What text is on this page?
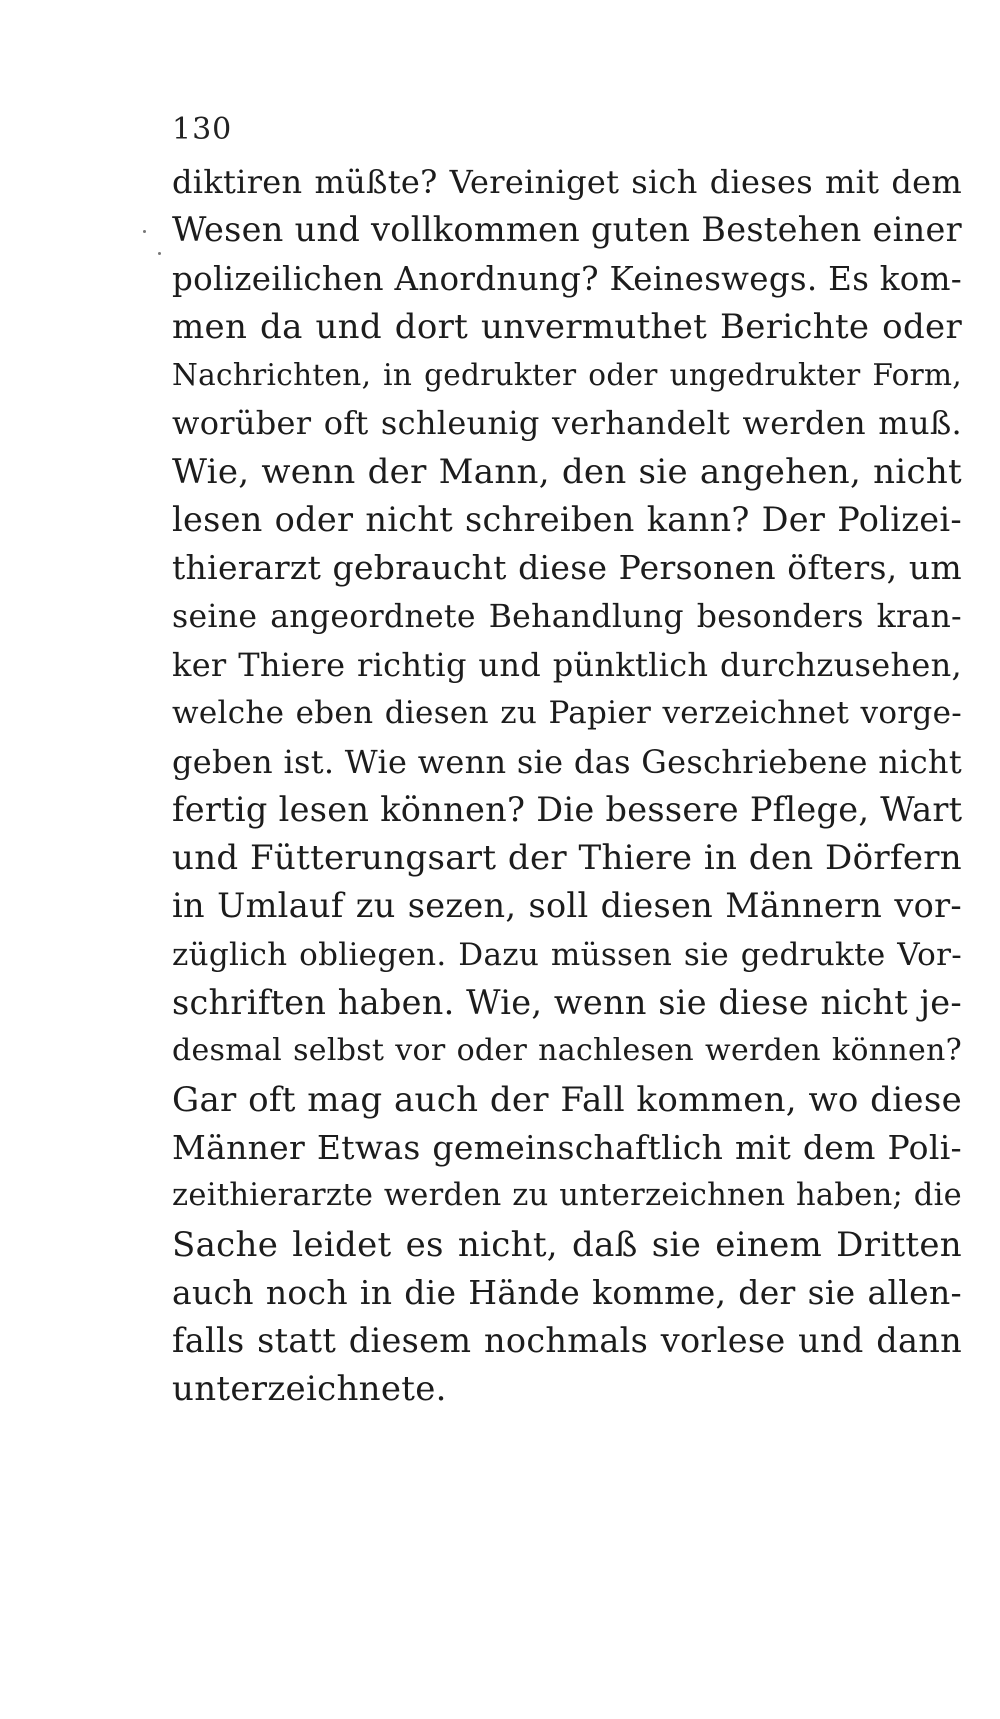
130
diktiren müßte? Vereiniget sich dieses mit dem
Wesen und vollkommen guten Bestehen einer
polizeilichen Anordnung? Keineswegs. Es kom-
men da und dort unvermuthet Berichte oder
Nachrichten, in gedrukter oder ungedrukter Form,
worüber oft schleunig verhandelt werden muß.
Wie, wenn der Mann, den sie angehen, nicht
lesen oder nicht schreiben kann? Der Polizei-
thierarzt gebraucht diese Personen öfters, um
seine angeordnete Behandlung besonders kran-
ker Thiere richtig und pünktlich durchzusehen,
welche eben diesen zu Papier verzeichnet vorge-
geben ist. Wie wenn sie das Geschriebene nicht
fertig lesen können? Die bessere Pflege, Wart
und Fütterungsart der Thiere in den Dörfern
in Umlauf zu sezen, soll diesen Männern vor-
züglich obliegen. Dazu müssen sie gedrukte Vor-
schriften haben. Wie, wenn sie diese nicht je-
desmal selbst vor oder nachlesen werden können?
Gar oft mag auch der Fall kommen, wo diese
Männer Etwas gemeinschaftlich mit dem Poli-
zeithierarzte werden zu unterzeichnen haben; die
Sache leidet es nicht, daß sie einem Dritten
auch noch in die Hände komme, der sie allen-
falls statt diesem nochmals vorlese und dann
unterzeichnete.
